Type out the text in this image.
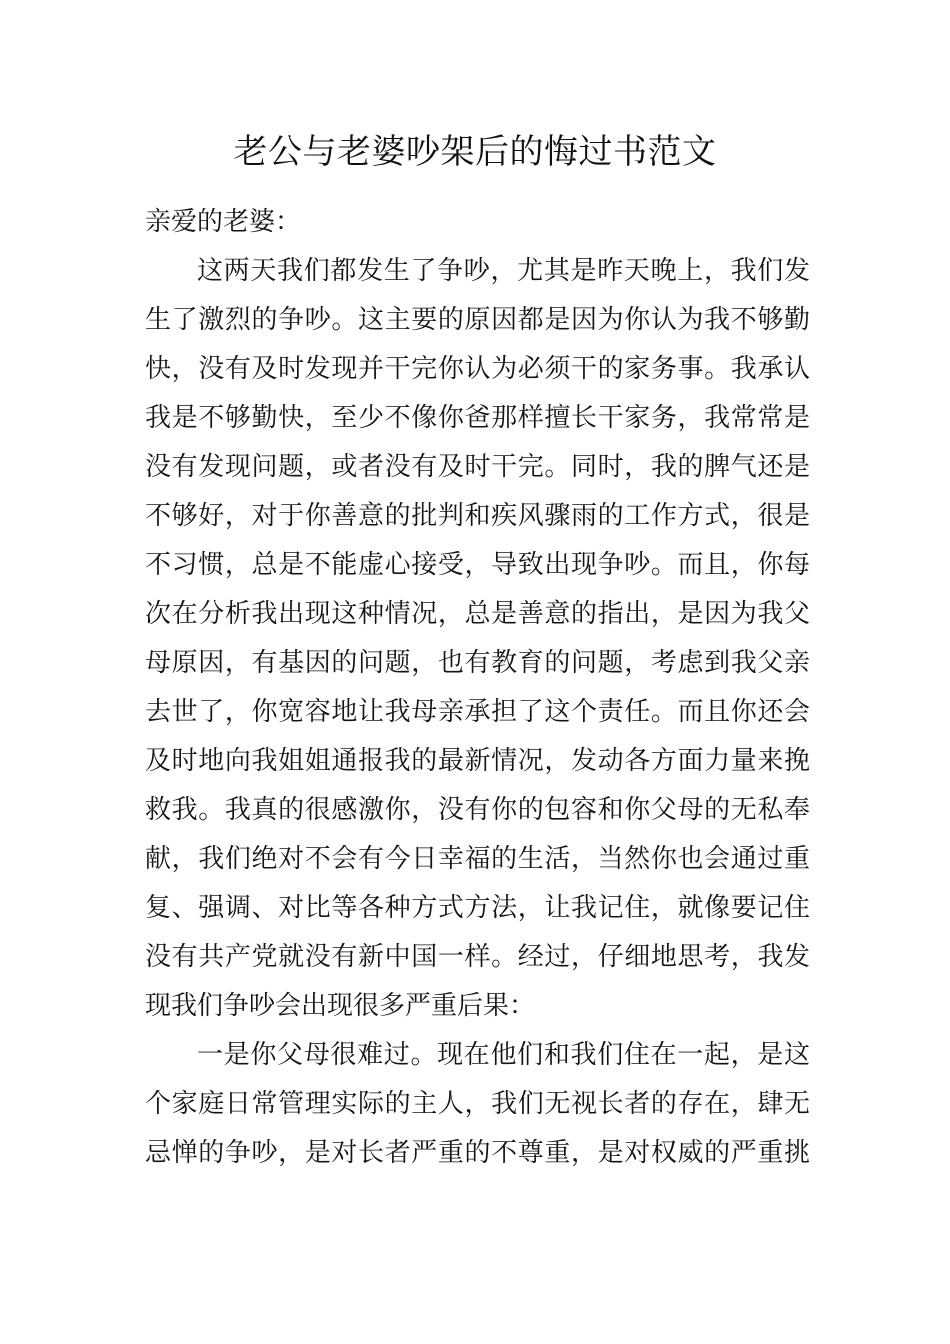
老公与老婆吵架后的悔过书范文
亲爱的老婆：
这两天我们都发生了争吵，尤其是昨天晚上，我们发
生了激烈的争吵。这主要的原因都是因为你认为我不够勤
快，没有及时发现并干完你认为必须干的家务事。我承认
我是不够勤快，至少不像你爸那样擅长干家务，我常常是
没有发现问题，或者没有及时干完。同时，我的脾气还是
不够好，对于你善意的批判和疾风骤雨的工作方式，很是
不习惯，总是不能虚心接受，导致出现争吵。而且，你每
次在分析我出现这种情况，总是善意的指出，是因为我父
母原因，有基因的问题，也有教育的问题，考虑到我父亲
去世了，你宽容地让我母亲承担了这个责任。而且你还会
及时地向我姐姐通报我的最新情况，发动各方面力量来挽
救我。我真的很感激你，没有你的包容和你父母的无私奉
献，我们绝对不会有今日幸福的生活，当然你也会通过重
复、强调、对比等各种方式方法，让我记住，就像要记住
没有共产党就没有新中国一样。经过，仔细地思考，我发
现我们争吵会出现很多严重后果：
一是你父母很难过。现在他们和我们住在一起，是这
个家庭日常管理实际的主人，我们无视长者的存在，肆无
忌惮的争吵，是对长者严重的不尊重，是对权威的严重挑
